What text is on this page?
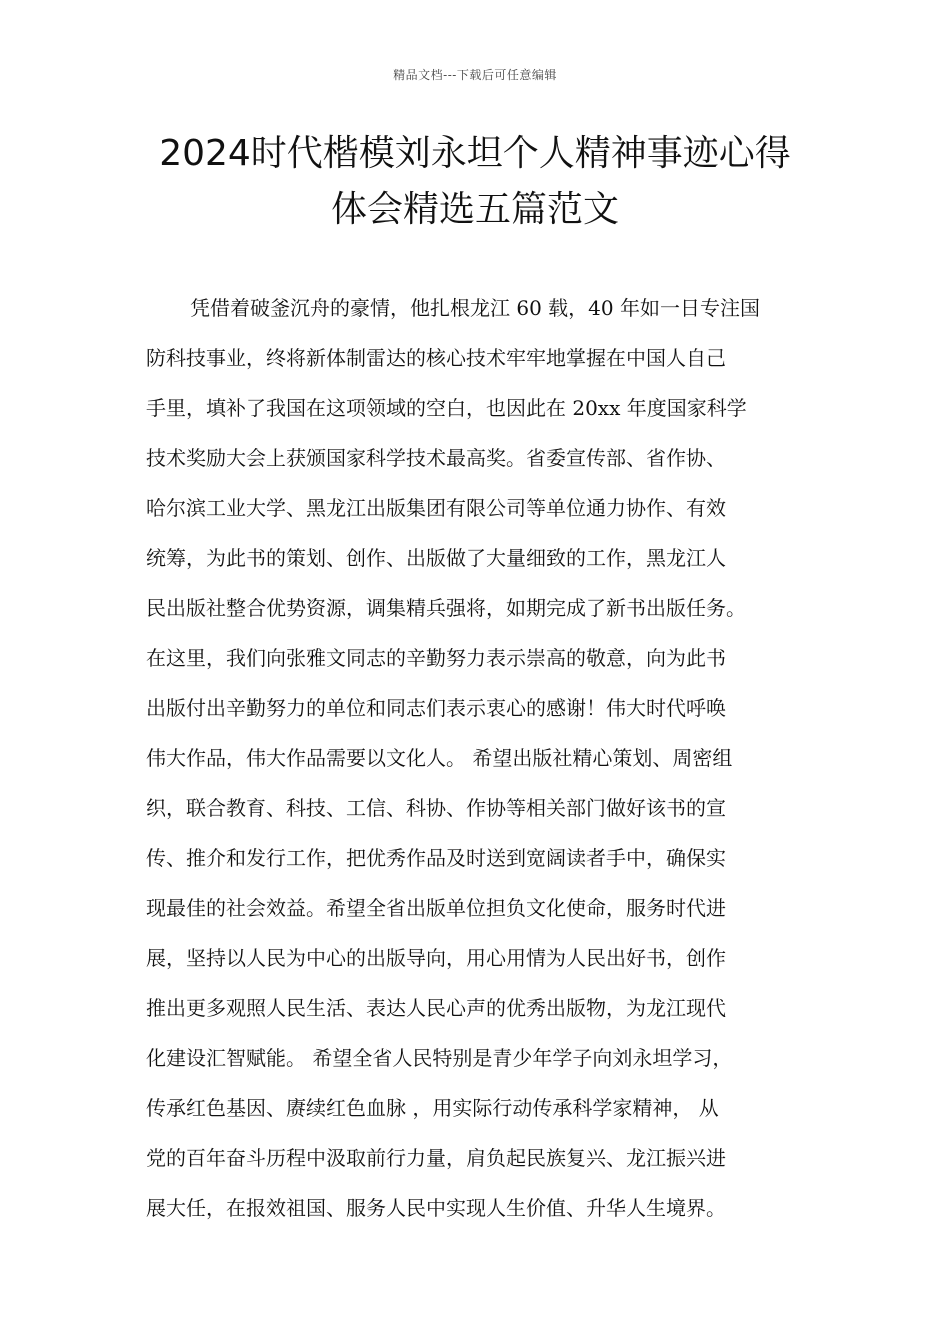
精品文档---下载后可任意编辑
2024时代楷模刘永坦个人精神事迹心得
体会精选五篇范文
凭借着破釜沉舟的豪情，他扎根龙江 60 载，40 年如一日专注国
防科技事业，终将新体制雷达的核心技术牢牢地掌握在中国人自己
手里，填补了我国在这项领域的空白，也因此在 20xx 年度国家科学
技术奖励大会上获颁国家科学技术最高奖。省委宣传部、省作协、
哈尔滨工业大学、黑龙江出版集团有限公司等单位通力协作、有效
统筹，为此书的策划、创作、出版做了大量细致的工作，黑龙江人
民出版社整合优势资源，调集精兵强将，如期完成了新书出版任务。
在这里，我们向张雅文同志的辛勤努力表示崇高的敬意，向为此书
出版付出辛勤努力的单位和同志们表示衷心的感谢！伟大时代呼唤
伟大作品，伟大作品需要以文化人。 希望出版社精心策划、周密组
织，联合教育、科技、工信、科协、作协等相关部门做好该书的宣
传、推介和发行工作，把优秀作品及时送到宽阔读者手中，确保实
现最佳的社会效益。希望全省出版单位担负文化使命，服务时代进
展，坚持以人民为中心的出版导向，用心用情为人民出好书，创作
推出更多观照人民生活、表达人民心声的优秀出版物，为龙江现代
化建设汇智赋能。 希望全省人民特别是青少年学子向刘永坦学习，
传承红色基因、赓续红色血脉 ，用实际行动传承科学家精神， 从
党的百年奋斗历程中汲取前行力量，肩负起民族复兴、龙江振兴进
展大任，在报效祖国、服务人民中实现人生价值、升华人生境界。
